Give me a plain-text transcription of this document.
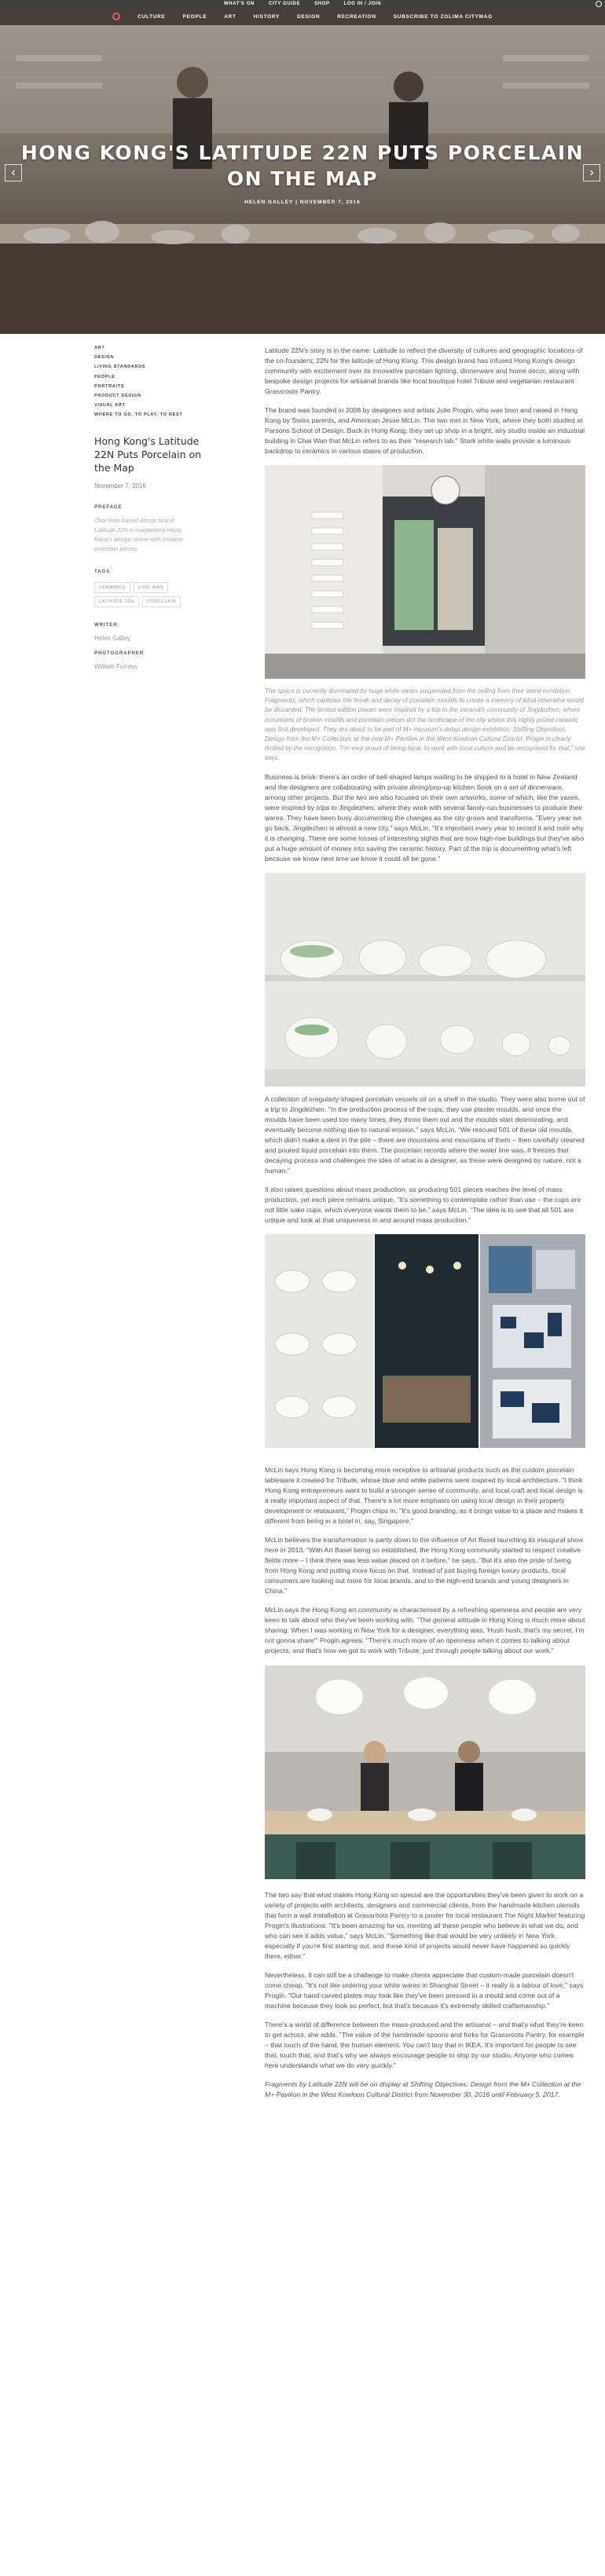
WHAT'S ON	CITY GUIDE	SHOP	LOG IN / JOIN
HONG KONG'S LATITUDE 22N PUTS PORCELAIN
ON THE MAP
HELEN GALLEY | NOVEMBER 7, 2016
‹	›
CULTURE	PEOPLE	ART	HISTORY	DESIGN	RECREATION	SUBSCRIBE TO ZOLIMA CITYMAG
ART
DESIGN
LIVING STANDARDS
PEOPLE
PORTRAITS
PRODUCT DESIGN
VISUAL ART
WHERE TO GO, TO PLAY, TO REST
Hong Kong's Latitude 22N Puts Porcelain on the Map
November 7, 2016
PREFACE
Chai Wan-based design brand Latitude 22N is invigorating Hong Kong's design scene with creative porcelain pieces
TAGS
CERAMICS	CHAI WAN
LATITUDE 22N	PORCELAIN
WRITER
Helen Galley
PHOTOGRAPHER
William Furniss

Latitude 22N's story is in the name: Latitude to reflect the diversity of cultures and geographic locations of the co-founders; 22N for the latitude of Hong Kong. This design brand has infused Hong Kong's design community with excitement over its innovative porcelain lighting, dinnerware and home décor, along with bespoke design projects for artisanal brands like local boutique hotel Tribute and vegetarian restaurant Grassroots Pantry.

The brand was founded in 2008 by designers and artists Julie Progin, who was born and raised in Hong Kong by Swiss parents, and American Jesse McLin. The two met in New York, where they both studied at Parsons School of Design. Back in Hong Kong, they set up shop in a bright, airy studio inside an industrial building in Chai Wan that McLin refers to as their "research lab." Stark white walls provide a luminous backdrop to ceramics in various states of production.

The space is currently dominated by huge white vases suspended from the ceiling from their latest exhibition, Fragments, which captures the break and decay of porcelain moulds to create a memory of what otherwise would be discarded. The limited edition pieces were inspired by a trip to the ceramics community of Jingdezhen, where mountains of broken moulds and porcelain pieces dot the landscape of the city where this highly prized ceramic was first developed. They are about to be part of M+ museum's debut design exhibition, Shifting Objectives: Design from the M+ Collection, at the new M+ Pavilion in the West Kowloon Cultural District. Progin is clearly thrilled by the recognition. "I'm very proud of being local, to work with local culture and be recognised for that," she says.

Business is brisk: there's an order of bell-shaped lamps waiting to be shipped to a hotel in New Zealand and the designers are collaborating with private dining/pop-up kitchen Sook on a set of dinnerware, among other projects. But the two are also focused on their own artworks, some of which, like the vases, were inspired by trips to Jingdezhen, where they work with several family-run businesses to produce their wares. They have been busy documenting the changes as the city grows and transforms. "Every year we go back, Jingdezhen is almost a new city," says McLin. "It's important every year to record it and note why it is changing. There are some losses of interesting sights that are now high-rise buildings but they've also put a huge amount of money into saving the ceramic history. Part of the trip is documenting what's left because we know next time we know it could all be gone."

A collection of irregularly-shaped porcelain vessels sit on a shelf in the studio. They were also borne out of a trip to Jingdezhen. "In the production process of the cups, they use plaster moulds, and once the moulds have been used too many times, they throw them out and the moulds start deteriorating, and eventually become nothing due to natural erosion," says McLin. "We rescued 501 of these old moulds, which didn't make a dent in the pile – there are mountains and mountains of them – then carefully cleaned and poured liquid porcelain into them. The porcelain records where the water line was. It freezes that decaying process and challenges the idea of what is a designer, as these were designed by nature, not a human."

It also raises questions about mass production, as producing 501 pieces reaches the level of mass production, yet each piece remains unique. "It's something to contemplate rather than use – the cups are not little sake cups, which everyone wants them to be," says McLin. "The idea is to see that all 501 are unique and look at that uniqueness in and around mass production."

McLin says Hong Kong is becoming more receptive to artisanal products such as the custom porcelain tableware it created for Tribute, whose blue and white patterns were inspired by local architecture. "I think Hong Kong entrepreneurs want to build a stronger sense of community, and local craft and local design is a really important aspect of that. There's a lot more emphasis on using local design in their property development or restaurant," Progin chips in. "It's good branding, as it brings value to a place and makes it different from being in a hotel in, say, Singapore."

McLin believes the transformation is partly down to the influence of Art Basel launching its inaugural show here in 2013. "With Art Basel being so established, the Hong Kong community started to respect creative fields more – I think there was less value placed on it before," he says. "But it's also the pride of being from Hong Kong and putting more focus on that. Instead of just buying foreign luxury products, local consumers are looking out more for local brands, and to the high-end brands and young designers in China."

McLin says the Hong Kong art community is characterised by a refreshing openness and people are very keen to talk about who they've been working with. "The general attitude in Hong Kong is much more about sharing. When I was working in New York for a designer, everything was, 'Hush hush, that's my secret, I'm not gonna share'" Progin agrees. "There's much more of an openness when it comes to talking about projects, and that's how we got to work with Tribute, just through people talking about our work."

The two say that what makes Hong Kong so special are the opportunities they've been given to work on a variety of projects with architects, designers and commercial clients, from the handmade kitchen utensils that form a wall installation at Grassroots Pantry to a poster for local restaurant The Night Market featuring Progin's illustrations. "It's been amazing for us, meeting all these people who believe in what we do, and who can see it adds value," says McLin. "Something like that would be very unlikely in New York, especially if you're first starting out, and these kind of projects would never have happened so quickly there, either."

Nevertheless, it can still be a challenge to make clients appreciate that custom-made porcelain doesn't come cheap. "It's not like ordering your white wares in Shanghai Street – it really is a labour of love," says Progin. "Our hand-carved plates may look like they've been pressed in a mould and come out of a machine because they look so perfect, but that's because it's extremely skilled craftsmanship."

There's a world of difference between the mass-produced and the artisanal – and that's what they're keen to get across, she adds. "The value of the handmade spoons and forks for Grassroots Pantry, for example – that touch of the hand, the human element. You can't buy that in IKEA. It's important for people to see that, touch that, and that's why we always encourage people to stop by our studio. Anyone who comes here understands what we do very quickly."

Fragments by Latitude 22N will be on display at Shifting Objectives: Design from the M+ Collection at the M+ Pavilion in the West Kowloon Cultural District from November 30, 2016 until February 5, 2017.
